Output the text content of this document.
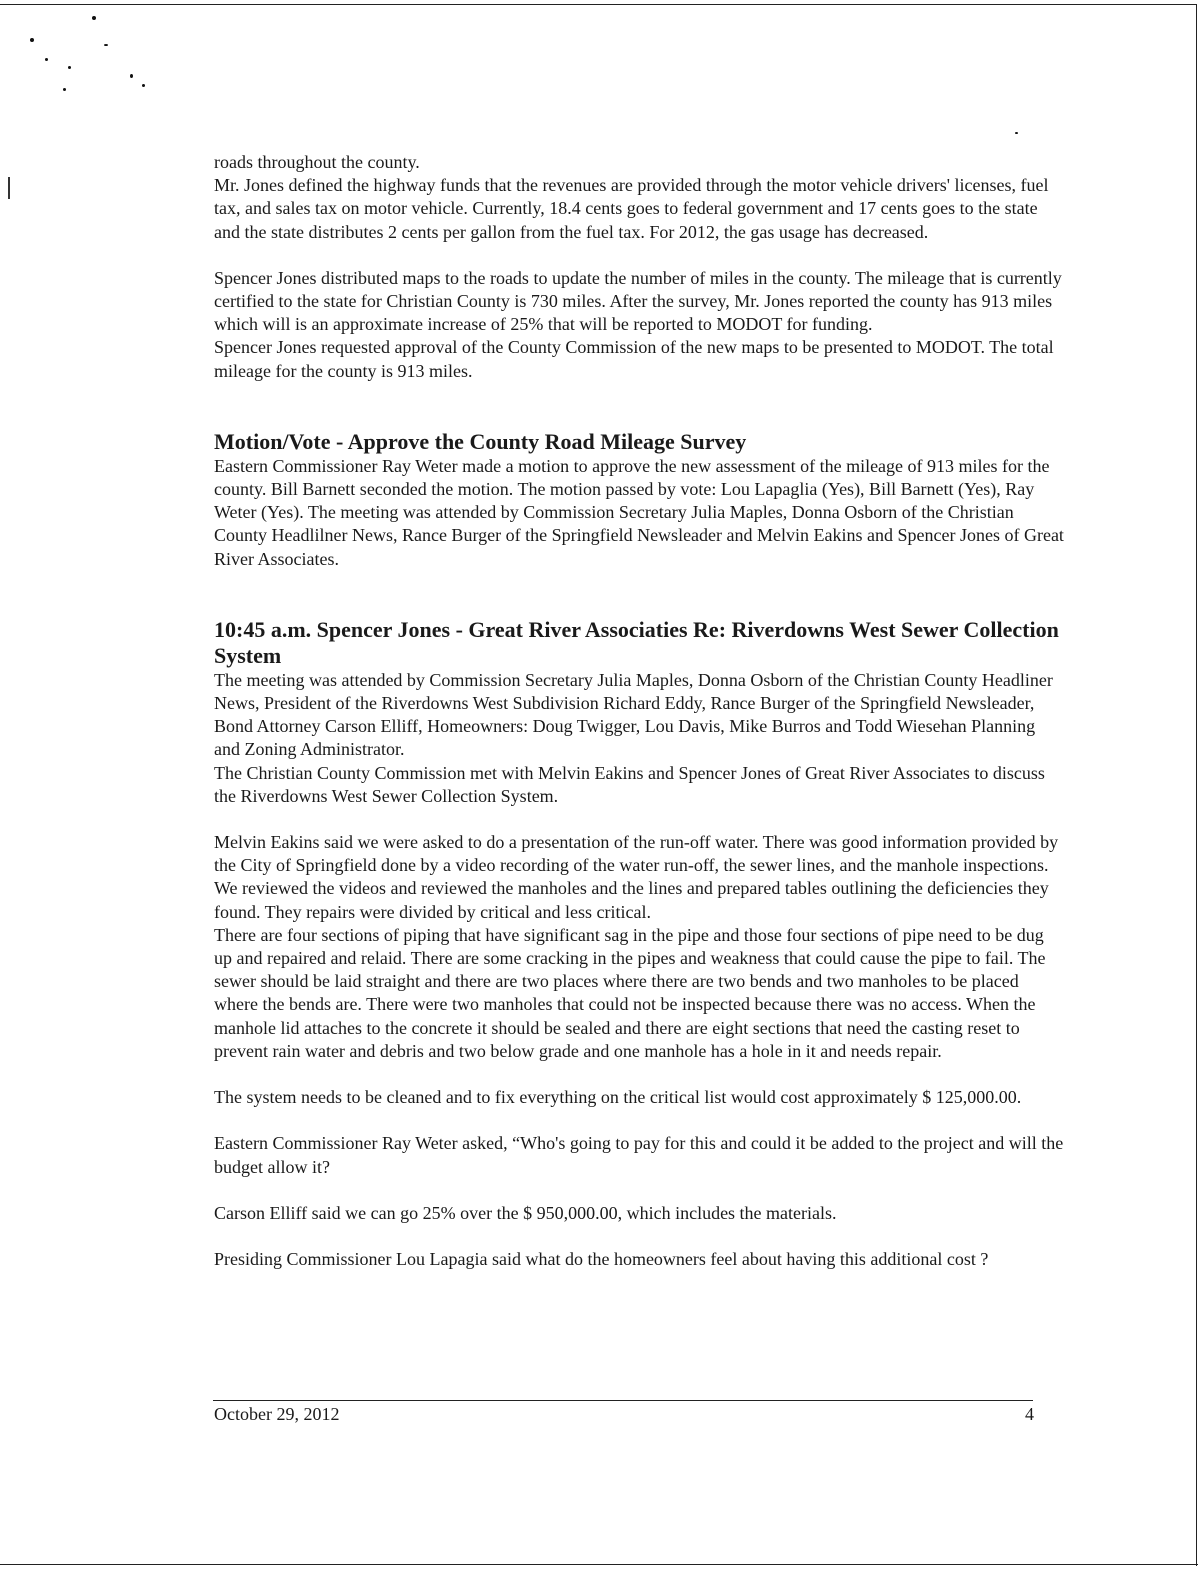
roads throughout the county.

Mr. Jones defined the highway funds that the revenues are provided through the motor vehicle drivers' licenses, fuel tax, and sales tax on motor vehicle. Currently, 18.4 cents goes to federal government and 17 cents goes to the state and the state distributes 2 cents per gallon from the fuel tax. For 2012, the gas usage has decreased.

Spencer Jones distributed maps to the roads to update the number of miles in the county. The mileage that is currently certified to the state for Christian County is 730 miles. After the survey, Mr. Jones reported the county has 913 miles which will is an approximate increase of 25% that will be reported to MODOT for funding.

Spencer Jones requested approval of the County Commission of the new maps to be presented to MODOT. The total mileage for the county is 913 miles.

Motion/Vote - Approve the County Road Mileage Survey

Eastern Commissioner Ray Weter made a motion to approve the new assessment of the mileage of 913 miles for the county. Bill Barnett seconded the motion. The motion passed by vote: Lou Lapaglia (Yes), Bill Barnett (Yes), Ray Weter (Yes). The meeting was attended by Commission Secretary Julia Maples, Donna Osborn of the Christian County Headlilner News, Rance Burger of the Springfield Newsleader and Melvin Eakins and Spencer Jones of Great River Associates.

10:45 a.m. Spencer Jones - Great River Associaties Re: Riverdowns West Sewer Collection System

The meeting was attended by Commission Secretary Julia Maples, Donna Osborn of the Christian County Headliner News, President of the Riverdowns West Subdivision Richard Eddy, Rance Burger of the Springfield Newsleader, Bond Attorney Carson Elliff, Homeowners: Doug Twigger, Lou Davis, Mike Burros and Todd Wiesehan Planning and Zoning Administrator.

The Christian County Commission met with Melvin Eakins and Spencer Jones of Great River Associates to discuss the Riverdowns West Sewer Collection System.

Melvin Eakins said we were asked to do a presentation of the run-off water. There was good information provided by the City of Springfield done by a video recording of the water run-off, the sewer lines, and the manhole inspections. We reviewed the videos and reviewed the manholes and the lines and prepared tables outlining the deficiencies they found. They repairs were divided by critical and less critical.

There are four sections of piping that have significant sag in the pipe and those four sections of pipe need to be dug up and repaired and relaid. There are some cracking in the pipes and weakness that could cause the pipe to fail. The sewer should be laid straight and there are two places where there are two bends and two manholes to be placed where the bends are. There were two manholes that could not be inspected because there was no access. When the manhole lid attaches to the concrete it should be sealed and there are eight sections that need the casting reset to prevent rain water and debris and two below grade and one manhole has a hole in it and needs repair.

The system needs to be cleaned and to fix everything on the critical list would cost approximately $ 125,000.00.

Eastern Commissioner Ray Weter asked, “Who's going to pay for this and could it be added to the project and will the budget allow it?

Carson Elliff said we can go 25% over the $ 950,000.00, which includes the materials.

Presiding Commissioner Lou Lapagia said what do the homeowners feel about having this additional cost ?

October 29, 2012	4
